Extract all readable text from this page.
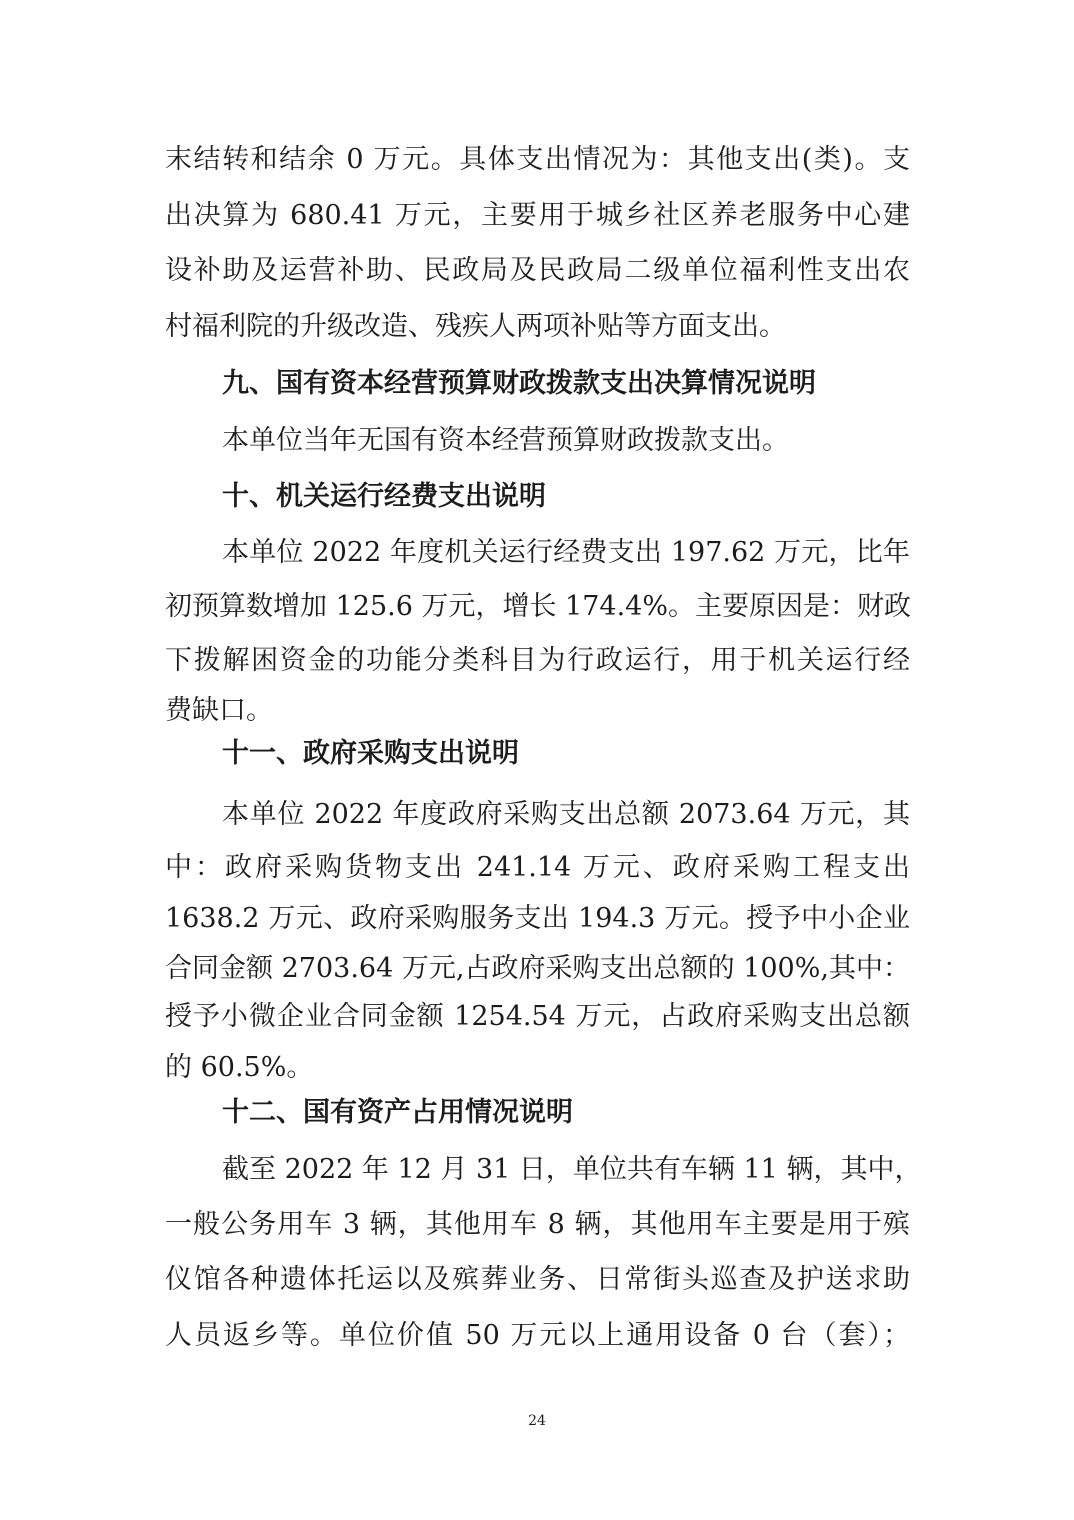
24
末结转和结余 0 万元。具体支出情况为：其他支出(类)。支
出决算为 680.41 万元，主要用于城乡社区养老服务中心建
设补助及运营补助、民政局及民政局二级单位福利性支出农
村福利院的升级改造、残疾人两项补贴等方面支出。
九、国有资本经营预算财政拨款支出决算情况说明
本单位当年无国有资本经营预算财政拨款支出。
十、机关运行经费支出说明
本单位 2022 年度机关运行经费支出 197.62 万元，比年
初预算数增加 125.6 万元，增长 174.4%。主要原因是：财政
下拨解困资金的功能分类科目为行政运行，用于机关运行经
费缺口。
十一、政府采购支出说明
本单位 2022 年度政府采购支出总额 2073.64 万元，其
中：政府采购货物支出 241.14 万元、政府采购工程支出
1638.2 万元、政府采购服务支出 194.3 万元。授予中小企业
合同金额 2703.64 万元,占政府采购支出总额的 100%,其中：
授予小微企业合同金额 1254.54 万元，占政府采购支出总额
的 60.5%。
十二、国有资产占用情况说明
截至 2022 年 12 月 31 日，单位共有车辆 11 辆，其中，
一般公务用车 3 辆，其他用车 8 辆，其他用车主要是用于殡
仪馆各种遗体托运以及殡葬业务、日常街头巡查及护送求助
人员返乡等。单位价值 50 万元以上通用设备 0 台（套）；
